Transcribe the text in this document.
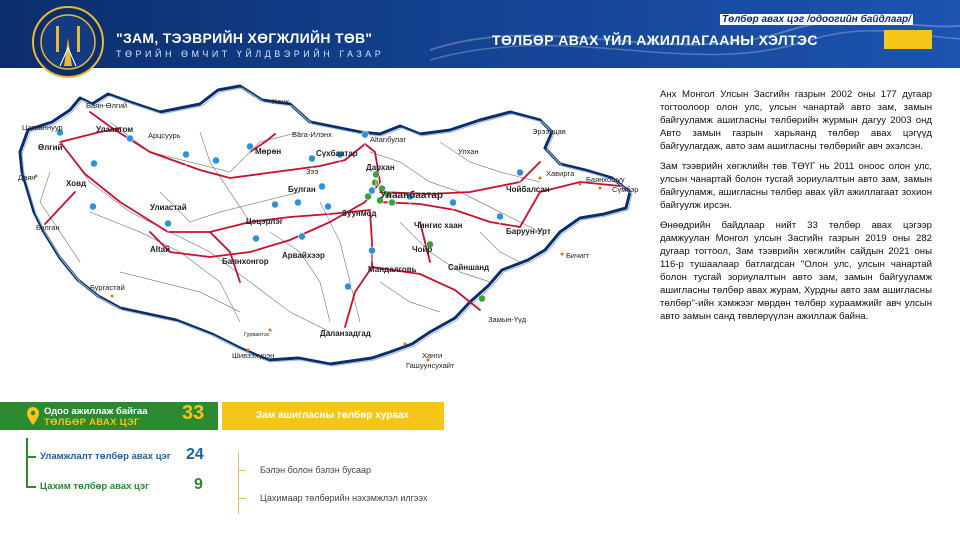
"ЗАМ, ТЭЭВРИЙН ХӨГЖЛИЙН ТӨВ"
ТӨРИЙН ӨМЧИТ ҮЙЛДВЭРИЙН ГАЗАР
ТӨЛБӨР АВАХ ҮЙЛ АЖИЛЛАГААНЫ ХЭЛТЭС
Төлбөр авах цэг /одоогийн байдлаар/
Баян-Өлгий
Цагааннуур	Улаангом
Өлгий
Ховд
Даян
Булган
Арцсуурь
Ханх
Мөрөн
Бага-Илэнх
Сүхбаатар
Altanбулаг
Дархан
Зээ
Улаанбаатар
Зуунмод
Булган
Улиастай
Цэцэрлэг
Altай
Баянхонгор
Арвайхээр
Мандалговь
Чойр
Чингис хаан
Баруун-Урт
Чойбалсан
Эрээнцав
Улхан
Хавирга
Баянхошуу
Сүмбэр
Бичигт
Сайншанд
Замын-Үүд
Даланзадгад
Бургастай
Гурвантэс
Шивээхүрэн
Гашуунсухайт
Ханги

Анх Монгол Улсын Засгийн газрын 2002 оны 177 дугаар тогтоолоор олон улс, улсын чанартай авто зам, замын байгууламж ашигласны төлбөрийн журмын дагуу 2003 онд Авто замын газрын харьяанд төлбөр авах цэгүүд байгуулагдаж, авто зам ашигласны төлбөрийг авч эхэлсэн.

Зам тээврийн хөгжлийн төв ТӨҮГ нь 2011 оноос олон улс, улсын чанартай болон тусгай зориулалтын авто зам, замын байгууламж, ашигласны төлбөр авах үйл ажиллагаат зохион байгуулж ирсэн.

Өнөөдрийн байдлаар нийт 33 төлбөр авах цэгээр дамжуулан Монгол улсын Засгийн газрын 2019 оны 282 дугаар тогтоол, Зам тээврийн хөгжлийн сайдын 2021 оны 116-р тушаалаар батлагдсан "Олон улс, улсын чанартай болон тусгай зориулалтын авто зам, замын байгууламж ашигласны төлбөр авах журам, Хурдны авто зам ашигласны төлбөр"-ийн хэмжээг мөрдөн төлбөр хураамжийг авч улсын авто замын санд төвлөрүүлэн ажиллаж байна.

Одоо ажиллаж байгаа
ТӨЛБӨР АВАХ ЦЭГ 33	Зам ашигласны төлбөр хураах
Уламжлалт төлбөр авах цэг 24
Цахим төлбөр авах цэг	9
Бэлэн болон бэлэн бусаар
Цахимаар төлбөрийн нэхэмжлэл илгээх
